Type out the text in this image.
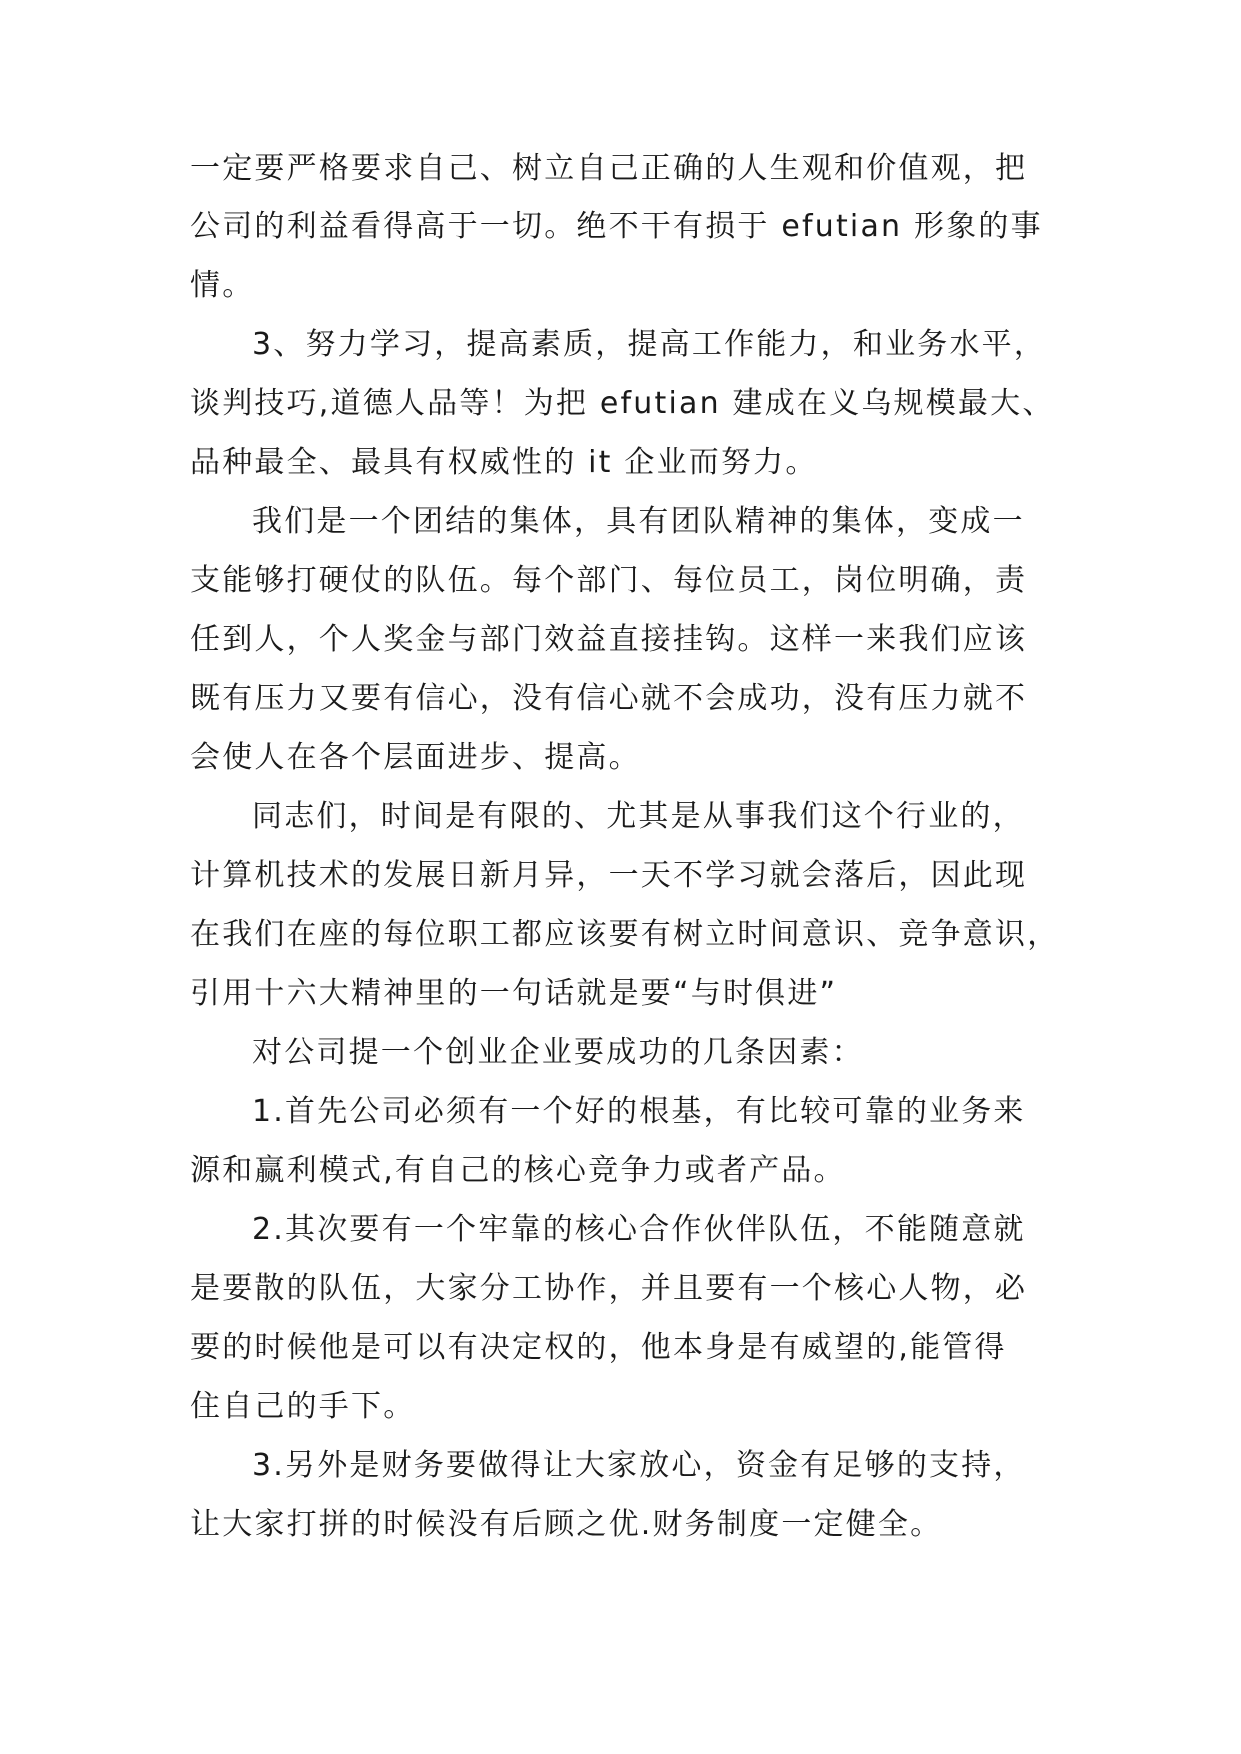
一定要严格要求自己、树立自己正确的人生观和价值观，把
公司的利益看得高于一切。绝不干有损于 efutian 形象的事
情。
3、努力学习，提高素质，提高工作能力，和业务水平，
谈判技巧,道德人品等！为把 efutian 建成在义乌规模最大、
品种最全、最具有权威性的 it 企业而努力。
我们是一个团结的集体，具有团队精神的集体，变成一
支能够打硬仗的队伍。每个部门、每位员工，岗位明确，责
任到人，个人奖金与部门效益直接挂钩。这样一来我们应该
既有压力又要有信心，没有信心就不会成功，没有压力就不
会使人在各个层面进步、提高。
同志们，时间是有限的、尤其是从事我们这个行业的，
计算机技术的发展日新月异，一天不学习就会落后，因此现
在我们在座的每位职工都应该要有树立时间意识、竞争意识，
引用十六大精神里的一句话就是要“与时俱进”
对公司提一个创业企业要成功的几条因素：
1.首先公司必须有一个好的根基，有比较可靠的业务来
源和赢利模式,有自己的核心竞争力或者产品。
2.其次要有一个牢靠的核心合作伙伴队伍，不能随意就
是要散的队伍，大家分工协作，并且要有一个核心人物，必
要的时候他是可以有决定权的，他本身是有威望的,能管得
住自己的手下。
3.另外是财务要做得让大家放心，资金有足够的支持，
让大家打拼的时候没有后顾之优.财务制度一定健全。
